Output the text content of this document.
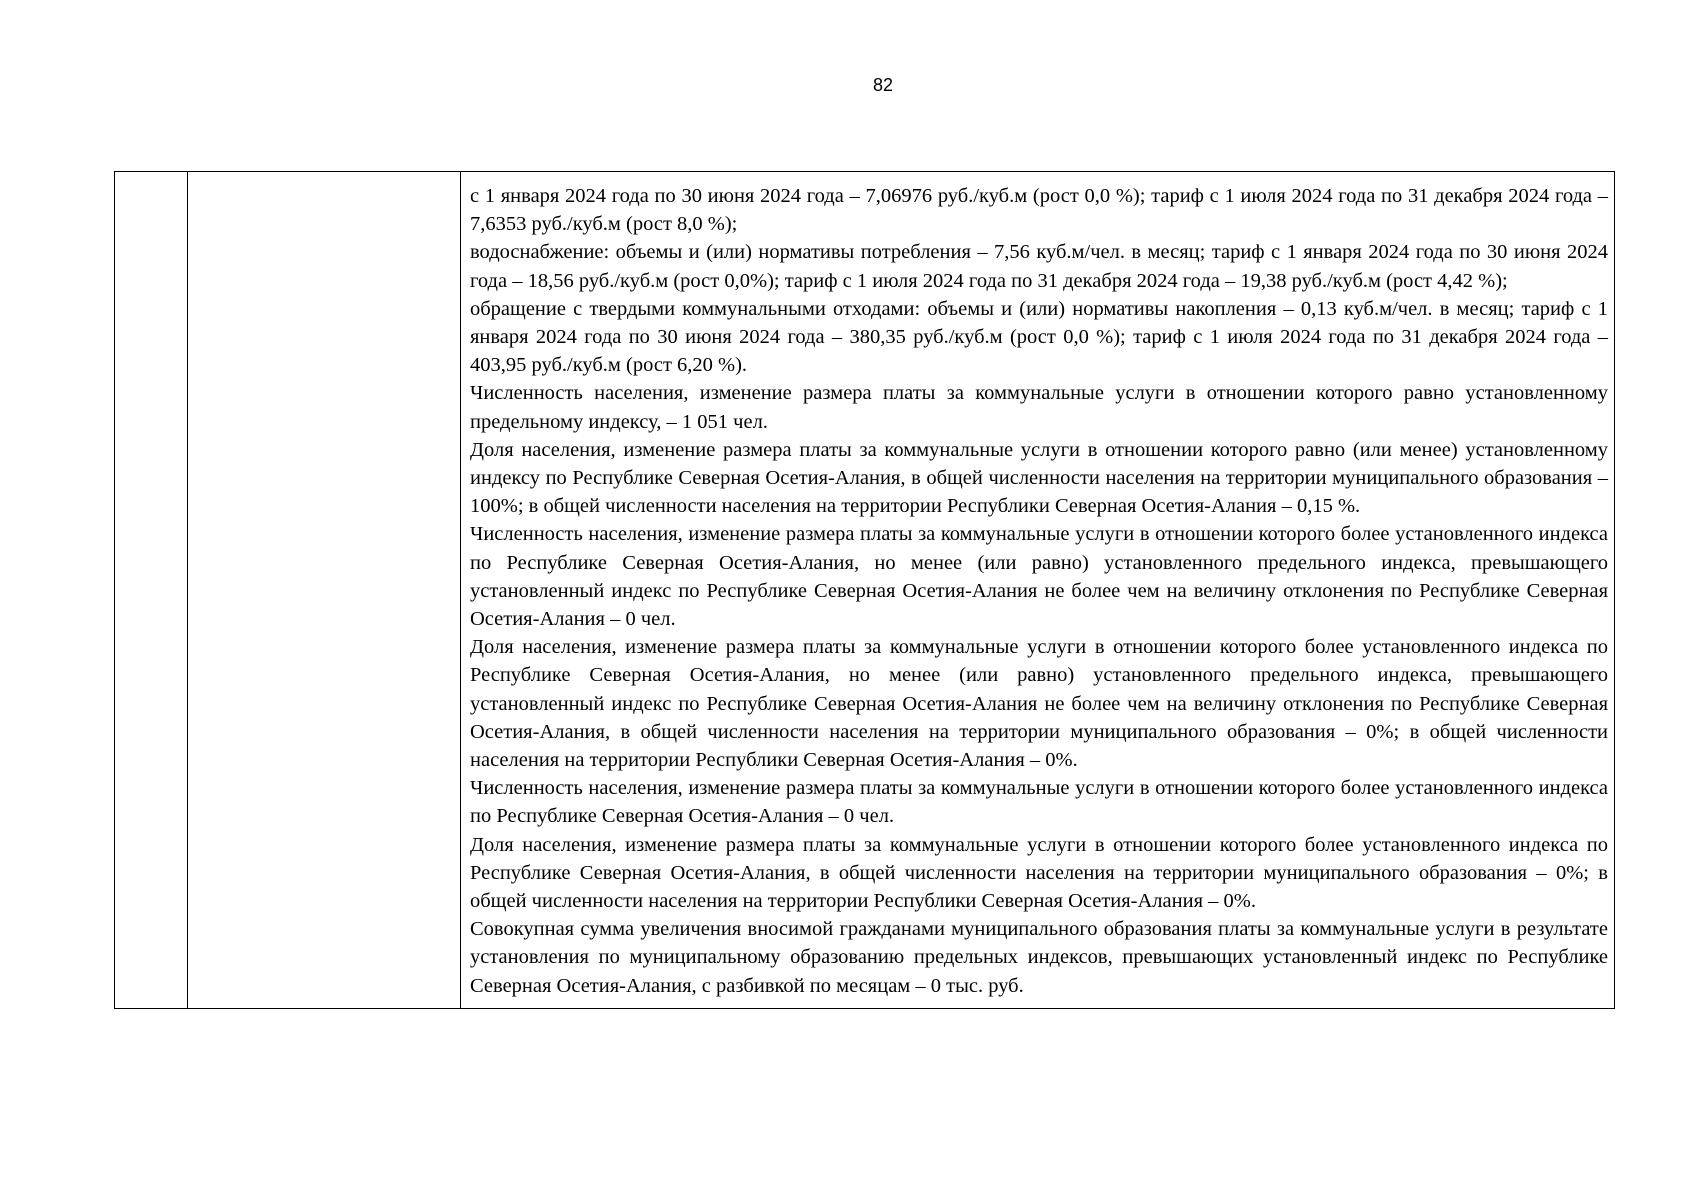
82

с 1 января 2024 года по 30 июня 2024 года – 7,06976 руб./куб.м (рост 0,0 %); тариф с 1 июля 2024 года по 31 декабря 2024 года – 7,6353 руб./куб.м (рост 8,0 %);

водоснабжение: объемы и (или) нормативы потребления – 7,56 куб.м/чел. в месяц; тариф с 1 января 2024 года по 30 июня 2024 года – 18,56 руб./куб.м (рост 0,0%); тариф с 1 июля 2024 года по 31 декабря 2024 года – 19,38 руб./куб.м (рост 4,42 %);

обращение с твердыми коммунальными отходами: объемы и (или) нормативы накопления – 0,13 куб.м/чел. в месяц; тариф с 1 января 2024 года по 30 июня 2024 года – 380,35 руб./куб.м (рост 0,0 %); тариф с 1 июля 2024 года по 31 декабря 2024 года – 403,95 руб./куб.м (рост 6,20 %).

Численность населения, изменение размера платы за коммунальные услуги в отношении которого равно установленному предельному индексу, – 1 051 чел.

Доля населения, изменение размера платы за коммунальные услуги в отношении которого равно (или менее) установленному индексу по Республике Северная Осетия-Алания, в общей численности населения на территории муниципального образования – 100%; в общей численности населения на территории Республики Северная Осетия-Алания – 0,15 %.

Численность населения, изменение размера платы за коммунальные услуги в отношении которого более установленного индекса по Республике Северная Осетия-Алания, но менее (или равно) установленного предельного индекса, превышающего установленный индекс по Республике Северная Осетия-Алания не более чем на величину отклонения по Республике Северная Осетия-Алания – 0 чел.

Доля населения, изменение размера платы за коммунальные услуги в отношении которого более установленного индекса по Республике Северная Осетия-Алания, но менее (или равно) установленного предельного индекса, превышающего установленный индекс по Республике Северная Осетия-Алания не более чем на величину отклонения по Республике Северная Осетия-Алания, в общей численности населения на территории муниципального образования – 0%; в общей численности населения на территории Республики Северная Осетия-Алания – 0%.

Численность населения, изменение размера платы за коммунальные услуги в отношении которого более установленного индекса по Республике Северная Осетия-Алания – 0 чел.

Доля населения, изменение размера платы за коммунальные услуги в отношении которого более установленного индекса по Республике Северная Осетия-Алания, в общей численности населения на территории муниципального образования – 0%; в общей численности населения на территории Республики Северная Осетия-Алания – 0%.

Совокупная сумма увеличения вносимой гражданами муниципального образования платы за коммунальные услуги в результате установления по муниципальному образованию предельных индексов, превышающих установленный индекс по Республике Северная Осетия-Алания, с разбивкой по месяцам – 0 тыс. руб.
